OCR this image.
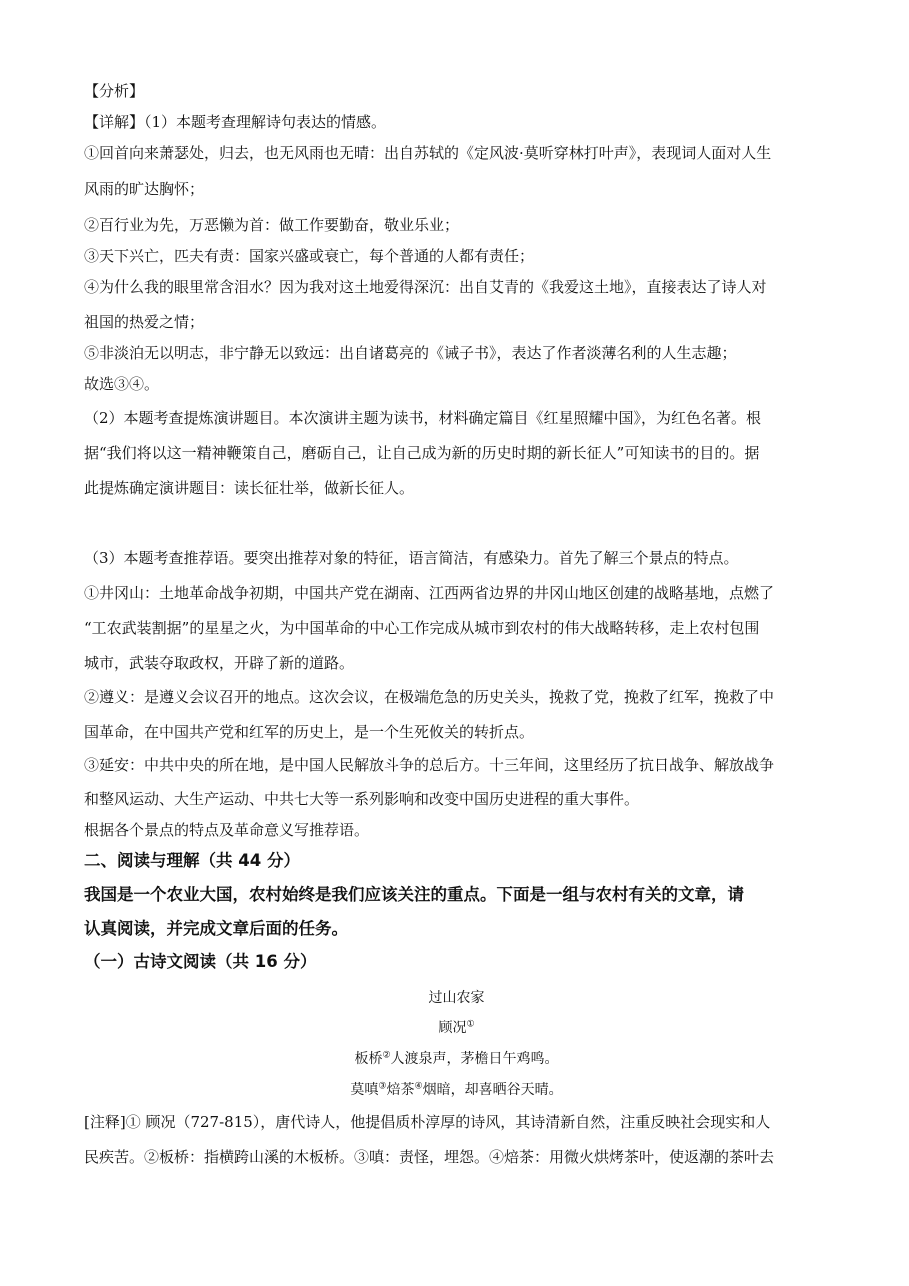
【分析】
【详解】（1）本题考查理解诗句表达的情感。
①回首向来萧瑟处，归去，也无风雨也无晴：出自苏轼的《定风波·莫听穿林打叶声》，表现词人面对人生
风雨的旷达胸怀；
②百行业为先，万恶懒为首：做工作要勤奋，敬业乐业；
③天下兴亡，匹夫有责：国家兴盛或衰亡，每个普通的人都有责任；
④为什么我的眼里常含泪水？因为我对这土地爱得深沉：出自艾青的《我爱这土地》，直接表达了诗人对
祖国的热爱之情；
⑤非淡泊无以明志，非宁静无以致远：出自诸葛亮的《诫子书》，表达了作者淡薄名利的人生志趣；
故选③④。
（2）本题考查提炼演讲题目。本次演讲主题为读书，材料确定篇目《红星照耀中国》，为红色名著。根
据“我们将以这一精神鞭策自己，磨砺自己，让自己成为新的历史时期的新长征人”可知读书的目的。据
此提炼确定演讲题目：读长征壮举，做新长征人。
（3）本题考查推荐语。要突出推荐对象的特征，语言简洁，有感染力。首先了解三个景点的特点。
①井冈山：土地革命战争初期，中国共产党在湖南、江西两省边界的井冈山地区创建的战略基地，点燃了
“工农武装割据”的星星之火，为中国革命的中心工作完成从城市到农村的伟大战略转移，走上农村包围
城市，武装夺取政权，开辟了新的道路。
②遵义：是遵义会议召开的地点。这次会议，在极端危急的历史关头，挽救了党，挽救了红军，挽救了中
国革命，在中国共产党和红军的历史上，是一个生死攸关的转折点。
③延安：中共中央的所在地，是中国人民解放斗争的总后方。十三年间，这里经历了抗日战争、解放战争
和整风运动、大生产运动、中共七大等一系列影响和改变中国历史进程的重大事件。
根据各个景点的特点及革命意义写推荐语。
二、阅读与理解（共 44 分）
我国是一个农业大国，农村始终是我们应该关注的重点。下面是一组与农村有关的文章，请
认真阅读，并完成文章后面的任务。
（一）古诗文阅读（共 16 分）
过山农家
顾况①
板桥②人渡泉声，茅檐日午鸡鸣。
莫嗔③焙茶④烟暗，却喜晒谷天晴。
[注释]① 顾况（727-815），唐代诗人，他提倡质朴淳厚的诗风，其诗清新自然，注重反映社会现实和人
民疾苦。②板桥：指横跨山溪的木板桥。③嗔：责怪，埋怨。④焙茶：用微火烘烤茶叶，使返潮的茶叶去
